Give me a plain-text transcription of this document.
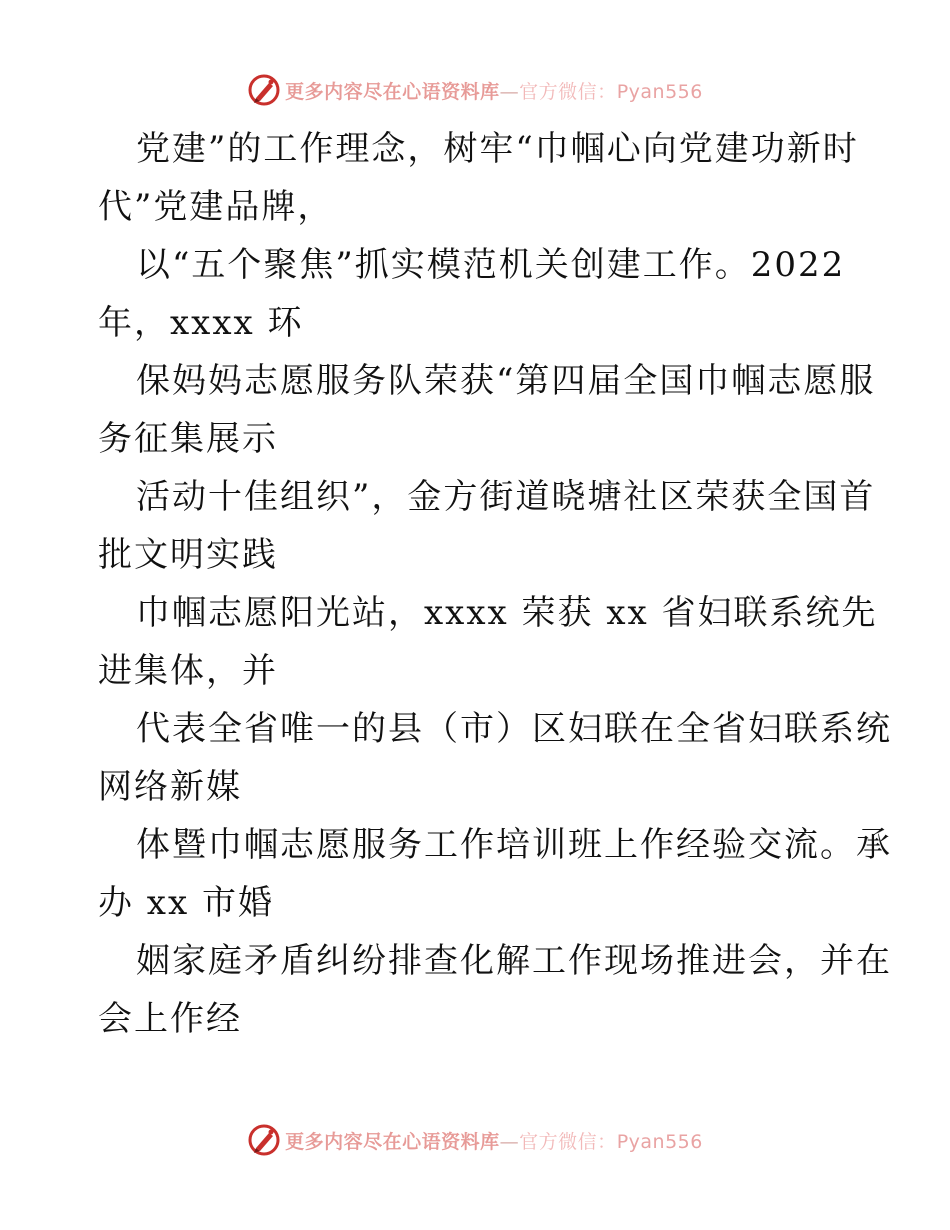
更多内容尽在心语资料库—官方微信：Pyan556
党建”的工作理念，树牢“巾帼心向党建功新时
代”党建品牌，
以“五个聚焦”抓实模范机关创建工作。2022
年，xxxx 环
保妈妈志愿服务队荣获“第四届全国巾帼志愿服
务征集展示
活动十佳组织”，金方街道晓塘社区荣获全国首
批文明实践
巾帼志愿阳光站，xxxx 荣获 xx 省妇联系统先
进集体，并
代表全省唯一的县（市）区妇联在全省妇联系统
网络新媒
体暨巾帼志愿服务工作培训班上作经验交流。承
办 xx 市婚
姻家庭矛盾纠纷排查化解工作现场推进会，并在
会上作经
更多内容尽在心语资料库—官方微信：Pyan556
